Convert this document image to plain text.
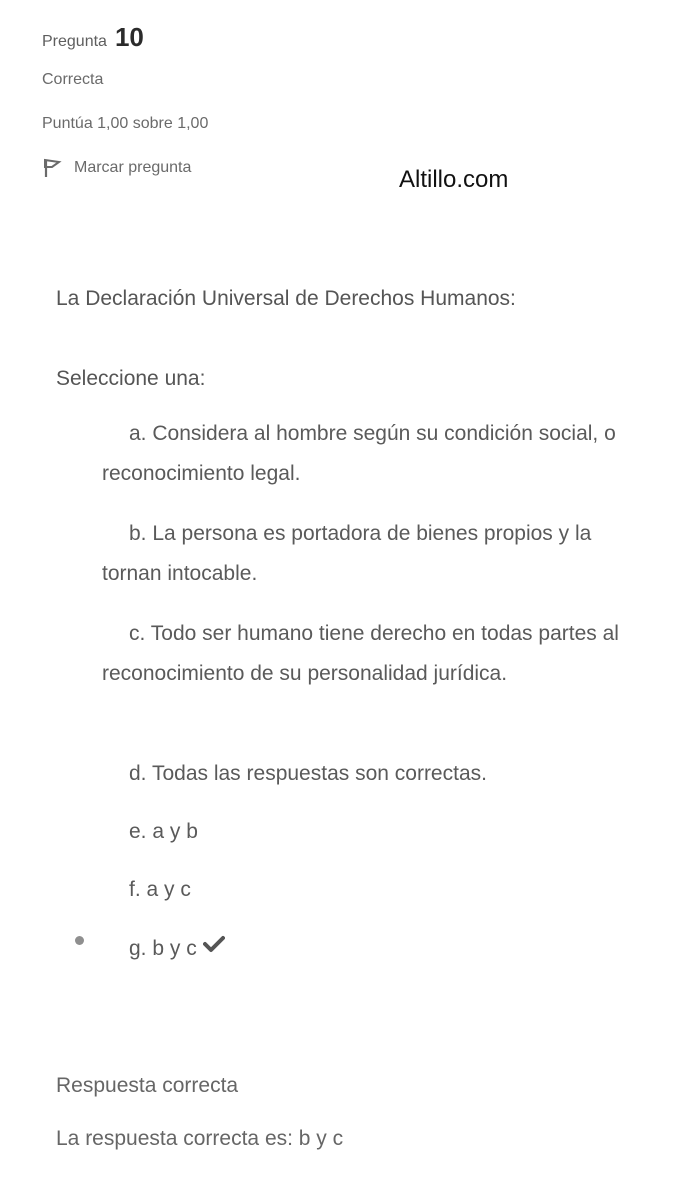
Pregunta 10
Correcta
Puntúa 1,00 sobre 1,00
Marcar pregunta	Altillo.com
La Declaración Universal de Derechos Humanos:
Seleccione una:
a. Considera al hombre según su condición social, o reconocimiento legal.
b. La persona es portadora de bienes propios y la tornan intocable.
c. Todo ser humano tiene derecho en todas partes al reconocimiento de su personalidad jurídica.
d. Todas las respuestas son correctas.
e. a y b
f. a y c
g. b y c
Respuesta correcta
La respuesta correcta es: b y c
